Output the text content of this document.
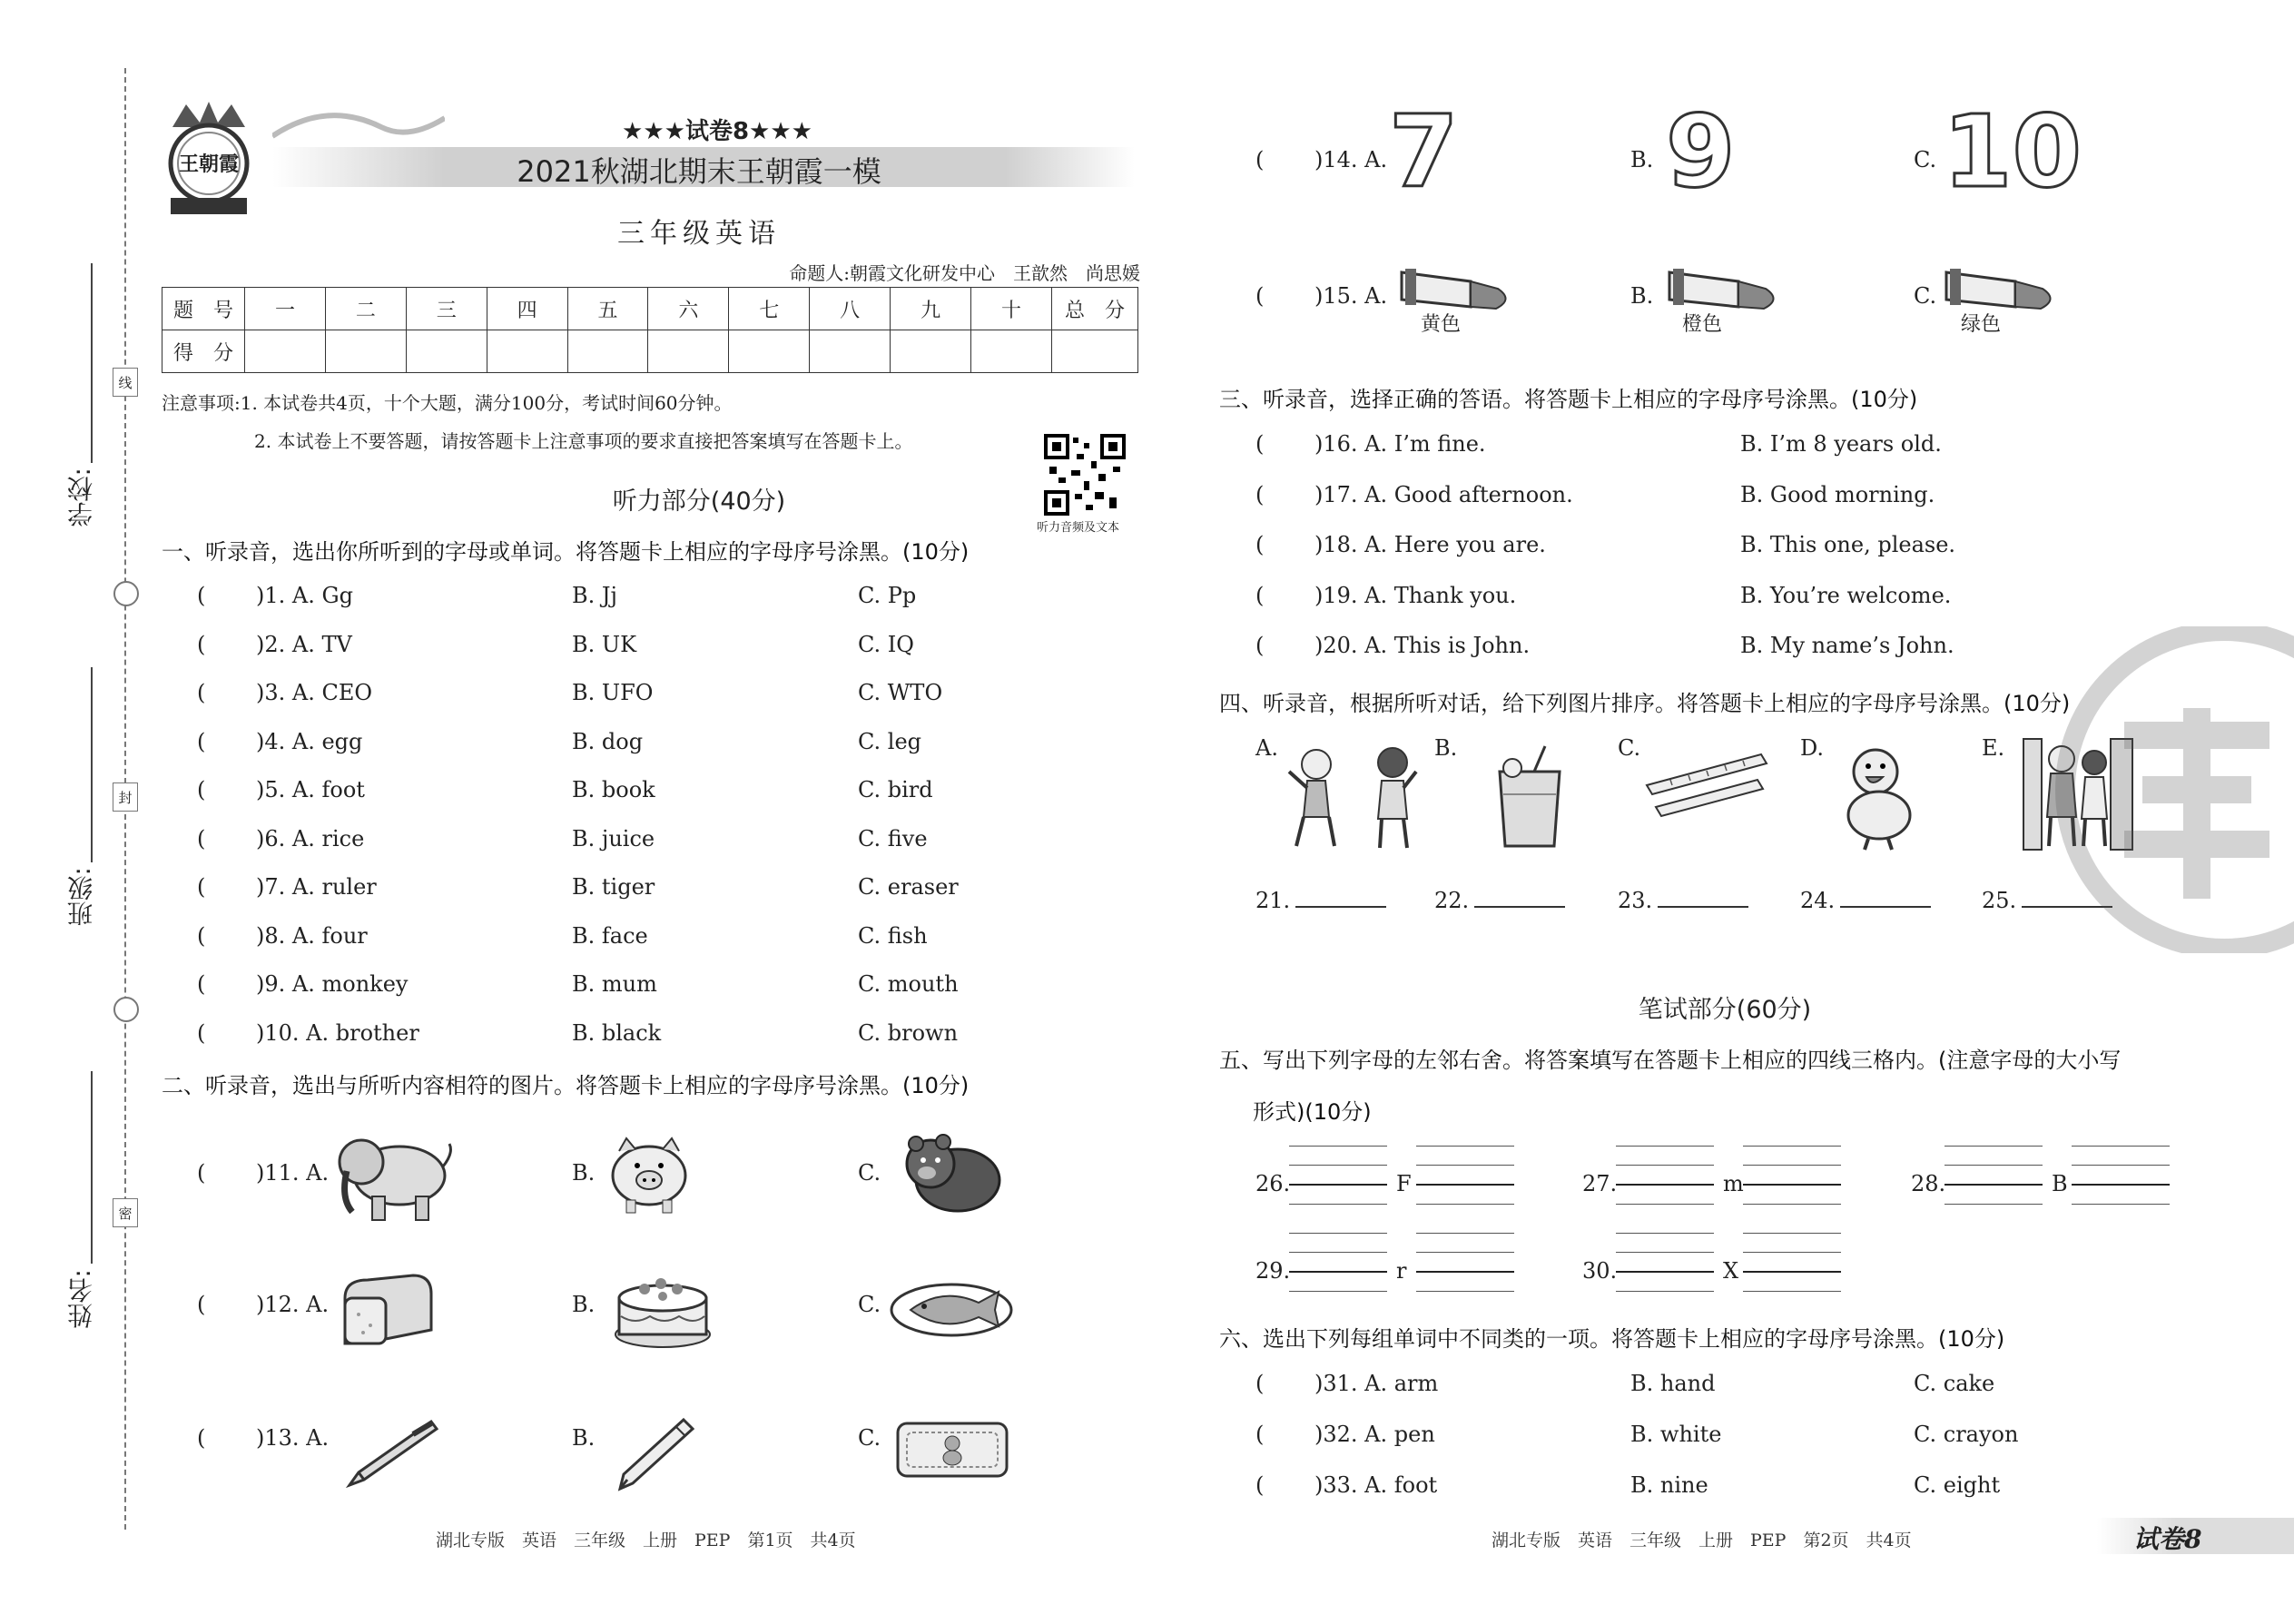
线
封
密
学校:
班级:
姓名:
王朝霞
★★★试卷8★★★
2021秋湖北期末王朝霞一模
三年级英语
命题人:朝霞文化研发中心　王歆然　尚思媛
题　号	一	二	三	四	五	六	七	八	九	十	总　分
得　分											
注意事项:1. 本试卷共4页，十个大题，满分100分，考试时间60分钟。
2. 本试卷上不要答题，请按答题卡上注意事项的要求直接把答案填写在答题卡上。
听力音频及文本
听力部分(40分)
一、听录音，选出你所听到的字母或单词。将答题卡上相应的字母序号涂黑。(10分)
( )1. A. Gg	B. Jj	C. Pp
( )2. A. TV	B. UK	C. IQ
( )3. A. CEO	B. UFO	C. WTO
( )4. A. egg	B. dog	C. leg
( )5. A. foot	B. book	C. bird
( )6. A. rice	B. juice	C. five
( )7. A. ruler	B. tiger	C. eraser
( )8. A. four	B. face	C. fish
( )9. A. monkey	B. mum	C. mouth
( )10. A. brother	B. black	C. brown
二、听录音，选出与所听内容相符的图片。将答题卡上相应的字母序号涂黑。(10分)
( )11. A.	B.	C.
( )12. A.	B.	C.
( )13. A.	B.	C.
( )14. A.	B.	C.
( )15. A.	B.	C.
7 9 10
黄色	橙色	绿色
三、听录音，选择正确的答语。将答题卡上相应的字母序号涂黑。(10分)
( )16. A. I’m fine.	B. I’m 8 years old.
( )17. A. Good afternoon.	B. Good morning.
( )18. A. Here you are.	B. This one, please.
( )19. A. Thank you.	B. You’re welcome.
( )20. A. This is John.	B. My name’s John.
四、听录音，根据所听对话，给下列图片排序。将答题卡上相应的字母序号涂黑。(10分)
A.	B.	C.	D.	E.
21.	22.	23.	24.	25.
笔试部分(60分)
五、写出下列字母的左邻右舍。将答案填写在答题卡上相应的四线三格内。(注意字母的大小写
形式)(10分)
26.	F	27.	m	28.	B
29.	r	30.	X
六、选出下列每组单词中不同类的一项。将答题卡上相应的字母序号涂黑。(10分)
( )31. A. arm	B. hand	C. cake
( )32. A. pen	B. white	C. crayon
( )33. A. foot	B. nine	C. eight
湖北专版　英语　三年级　上册　PEP　第1页　共4页	湖北专版　英语　三年级　上册　PEP　第2页　共4页	试卷8
